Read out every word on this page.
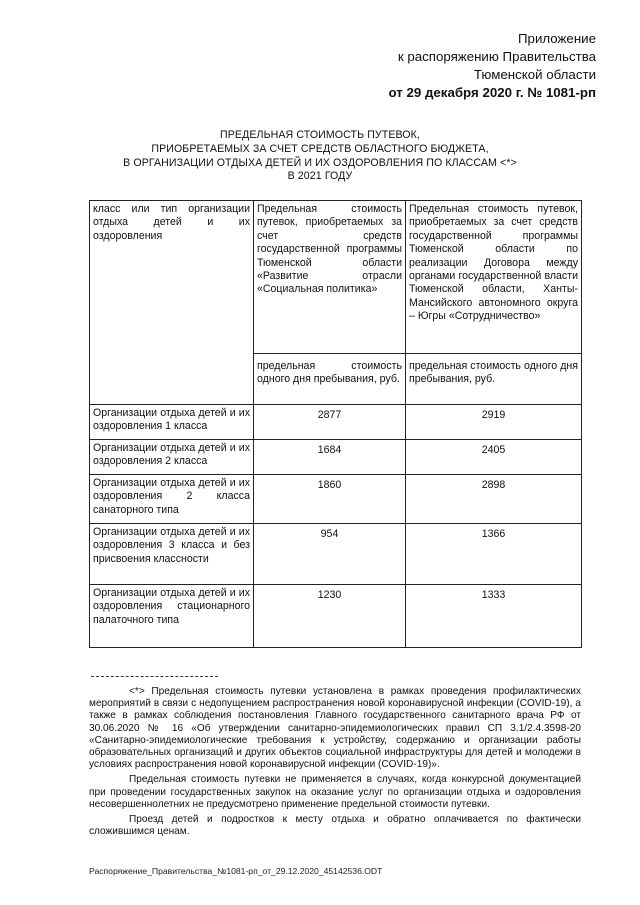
Приложение
к распоряжению Правительства
Тюменской области
от 29 декабря 2020 г. № 1081-рп
ПРЕДЕЛЬНАЯ СТОИМОСТЬ ПУТЕВОК,
ПРИОБРЕТАЕМЫХ ЗА СЧЕТ СРЕДСТВ ОБЛАСТНОГО БЮДЖЕТА,
В ОРГАНИЗАЦИИ ОТДЫХА ДЕТЕЙ И ИХ ОЗДОРОВЛЕНИЯ ПО КЛАССАМ <*>
В 2021 ГОДУ
класс или тип организации отдыха детей и их оздоровления	Предельная стоимость путевок, приобретаемых за счет средств государственной программы Тюменской области «Развитие отрасли «Социальная политика»	Предельная стоимость путевок, приобретаемых за счет средств государственной программы Тюменской области по реализации Договора между органами государственной власти Тюменской области, Ханты-Мансийского автономного округа – Югры «Сотрудничество»
	предельная стоимость одного дня пребывания, руб.	предельная стоимость одного дня пребывания, руб.
Организации отдыха детей и их оздоровления 1 класса	2877	2919
Организации отдыха детей и их оздоровления 2 класса	1684	2405
Организации отдыха детей и их оздоровления 2 класса санаторного типа	1860	2898
Организации отдыха детей и их оздоровления 3 класса и без присвоения классности	954	1366
Организации отдыха детей и их оздоровления стационарного палаточного типа	1230	1333

<*> Предельная стоимость путевки установлена в рамках проведения профилактических мероприятий в связи с недопущением распространения новой коронавирусной инфекции (COVID-19), а также в рамках соблюдения постановления Главного государственного санитарного врача РФ от 30.06.2020 № 16 «Об утверждении санитарно-эпидемиологических правил СП 3.1/2.4.3598-20 «Санитарно-эпидемиологические требования к устройству, содержанию и организации работы образовательных организаций и других объектов социальной инфраструктуры для детей и молодежи в условиях распространения новой коронавирусной инфекции (COVID-19)».

Предельная стоимость путевки не применяется в случаях, когда конкурсной документацией при проведении государственных закупок на оказание услуг по организации отдыха и оздоровления несовершеннолетних не предусмотрено применение предельной стоимости путевки.

Проезд детей и подростков к месту отдыха и обратно оплачивается по фактически сложившимся ценам.

Распоряжение_Правительства_№1081-рп_от_29.12.2020_45142536.ODT
